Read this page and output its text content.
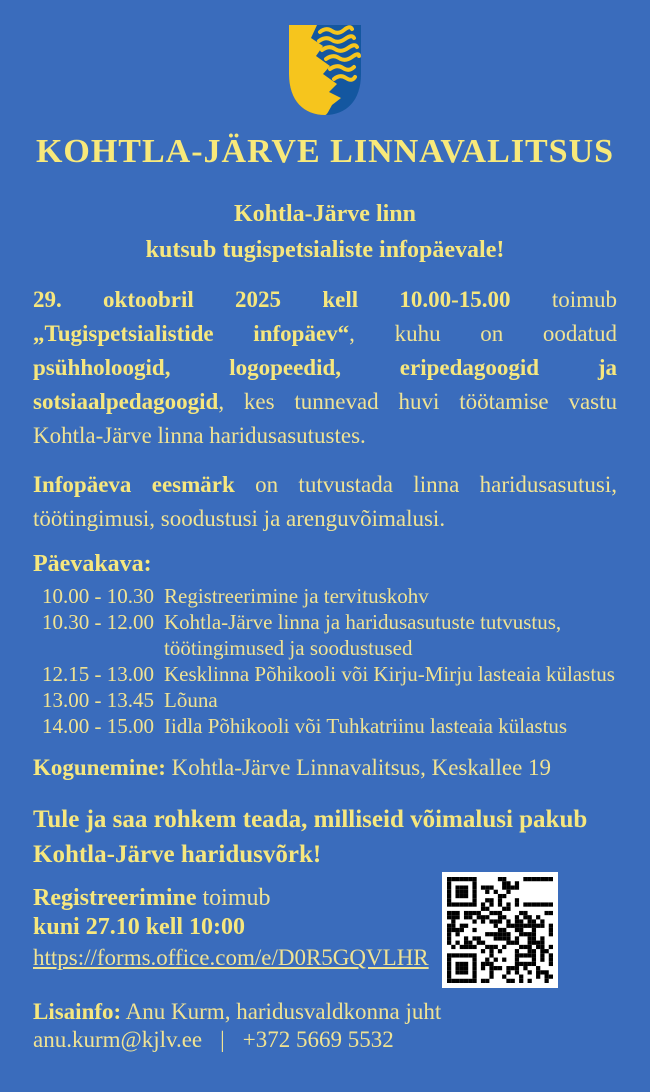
KOHTLA-JÄRVE LINNAVALITSUS
Kohtla-Järve linn
kutsub tugispetsialiste infopäevale!
29. oktoobril 2025 kell 10.00-15.00 toimub „Tugispetsialistide infopäev“, kuhu on oodatud psühholoogid, logopeedid, eripedagoogid ja sotsiaalpedagoogid, kes tunnevad huvi töötamise vastu Kohtla-Järve linna haridusasutustes.
Infopäeva eesmärk on tutvustada linna haridusasutusi, töötingimusi, soodustusi ja arenguvõimalusi.
Päevakava:
10.00 - 10.30 Registreerimine ja tervituskohv
10.30 - 12.00 Kohtla-Järve linna ja haridusasutuste tutvustus,
töötingimused ja soodustused
12.15 - 13.00 Kesklinna Põhikooli või Kirju-Mirju lasteaia külastus
13.00 - 13.45 Lõuna
14.00 - 15.00 Iidla Põhikooli või Tuhkatriinu lasteaia külastus
Kogunemine: Kohtla-Järve Linnavalitsus, Keskallee 19
Tule ja saa rohkem teada, milliseid võimalusi pakub Kohtla-Järve haridusvõrk!
Registreerimine toimub
kuni 27.10 kell 10:00
https://forms.office.com/e/D0R5GQVLHR
Lisainfo: Anu Kurm, haridusvaldkonna juht
anu.kurm@kjlv.ee | +372 5669 5532
